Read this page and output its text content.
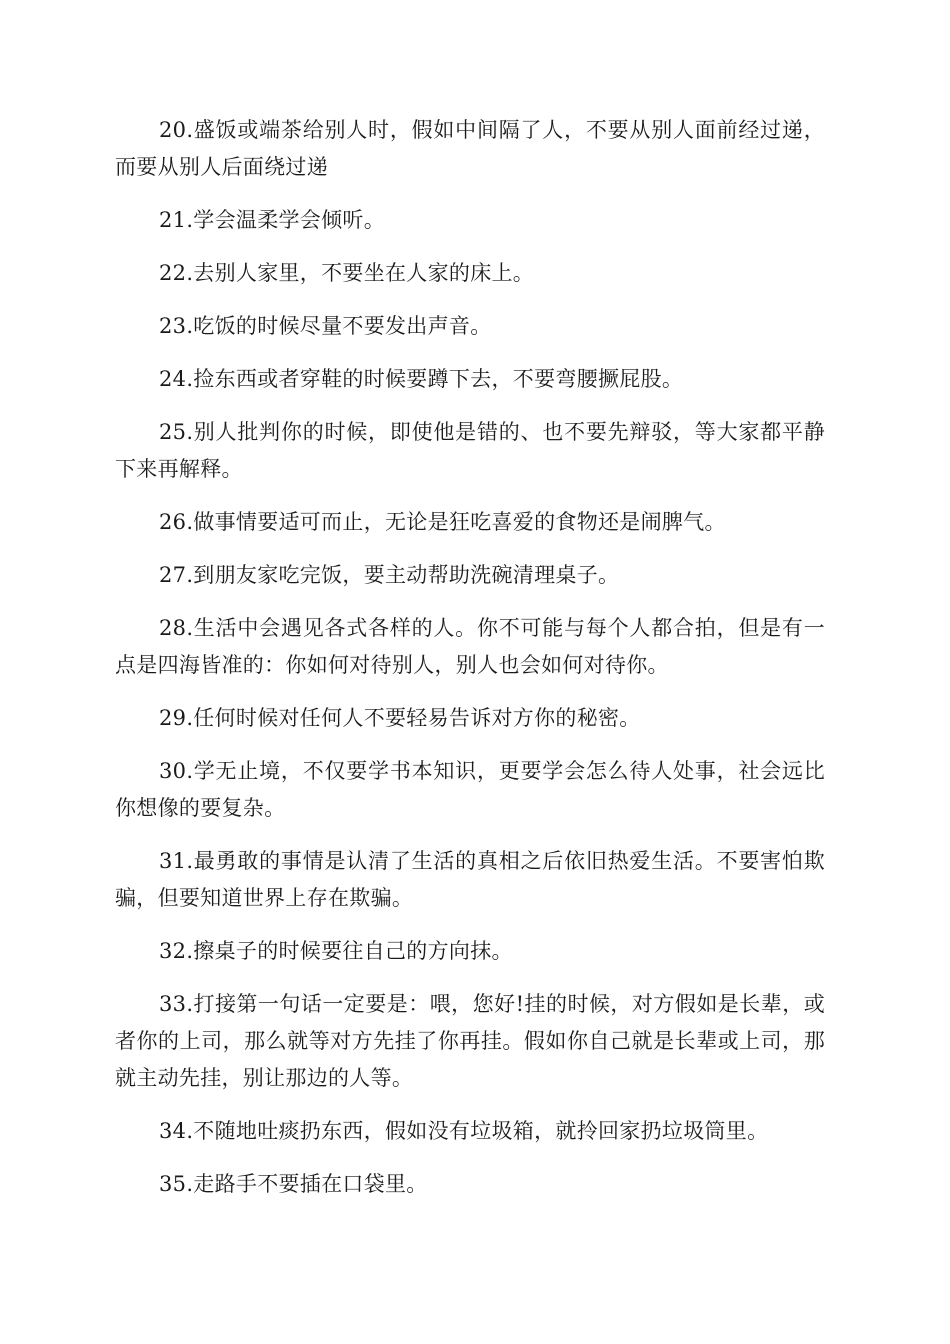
20.盛饭或端茶给别人时，假如中间隔了人，不要从别人面前经过递，而要从别人后面绕过递

21.学会温柔学会倾听。

22.去别人家里，不要坐在人家的床上。

23.吃饭的时候尽量不要发出声音。

24.捡东西或者穿鞋的时候要蹲下去，不要弯腰撅屁股。

25.别人批判你的时候，即使他是错的、也不要先辩驳，等大家都平静下来再解释。

26.做事情要适可而止，无论是狂吃喜爱的食物还是闹脾气。

27.到朋友家吃完饭，要主动帮助洗碗清理桌子。

28.生活中会遇见各式各样的人。你不可能与每个人都合拍，但是有一点是四海皆准的：你如何对待别人，别人也会如何对待你。

29.任何时候对任何人不要轻易告诉对方你的秘密。

30.学无止境，不仅要学书本知识，更要学会怎么待人处事，社会远比你想像的要复杂。

31.最勇敢的事情是认清了生活的真相之后依旧热爱生活。不要害怕欺骗，但要知道世界上存在欺骗。

32.擦桌子的时候要往自己的方向抹。

33.打接第一句话一定要是：喂，您好!挂的时候，对方假如是长辈，或者你的上司，那么就等对方先挂了你再挂。假如你自己就是长辈或上司，那就主动先挂，别让那边的人等。

34.不随地吐痰扔东西，假如没有垃圾箱，就拎回家扔垃圾筒里。

35.走路手不要插在口袋里。
